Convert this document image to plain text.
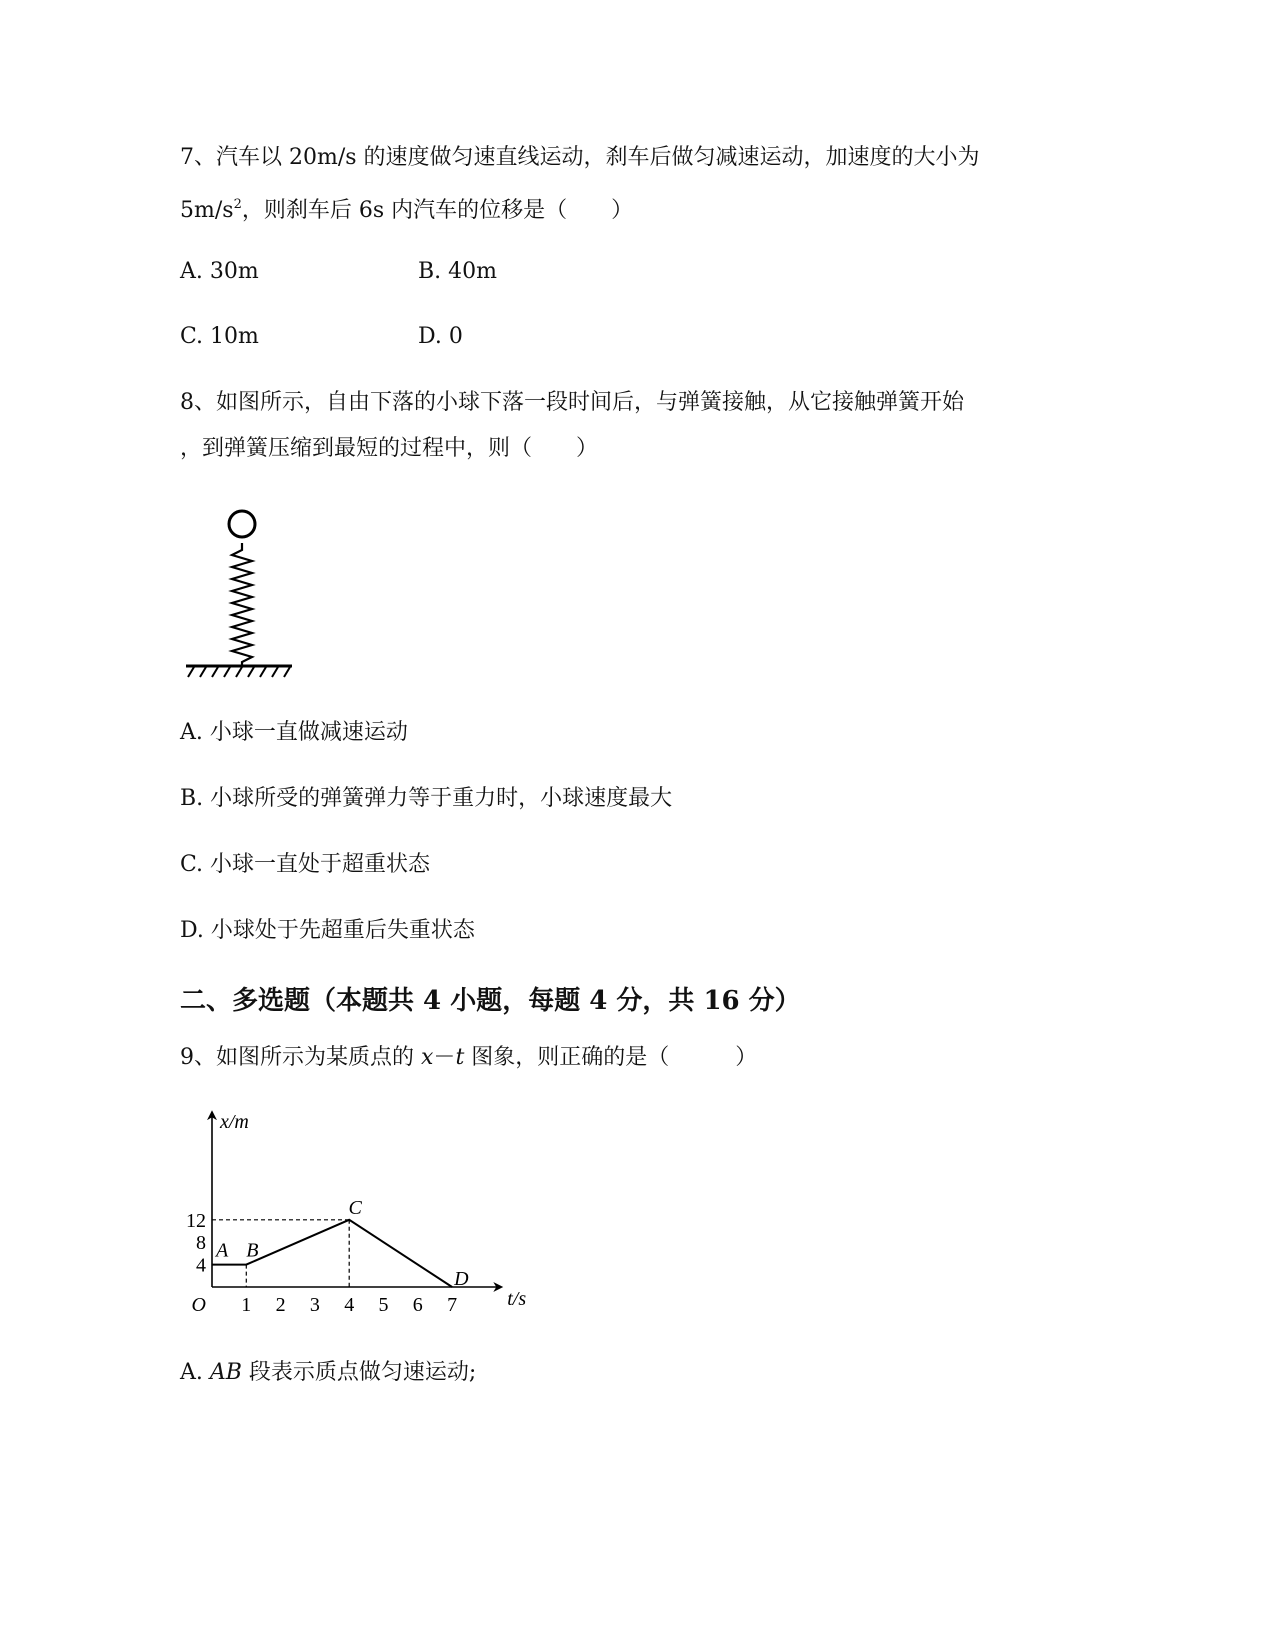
7、汽车以 20m/s 的速度做匀速直线运动，刹车后做匀减速运动，加速度的大小为
$5m/s^2$，则刹车后 6s 内汽车的位移是（　　）
A. 30m	B. 40m
C. 10m	D. 0
8、如图所示，自由下落的小球下落一段时间后，与弹簧接触，从它接触弹簧开始
，到弹簧压缩到最短的过程中，则（　　）
A. 小球一直做减速运动
B. 小球所受的弹簧弹力等于重力时，小球速度最大
C. 小球一直处于超重状态
D. 小球处于先超重后失重状态
二、多选题（本题共 4 小题，每题 4 分，共 16 分）
9、如图所示为某质点的 x－t 图象，则正确的是（　　　）
1 2 3 4 5 6 7
4
8
12
O	t/s
x/m
A B
C
D
A. AB 段表示质点做匀速运动;
